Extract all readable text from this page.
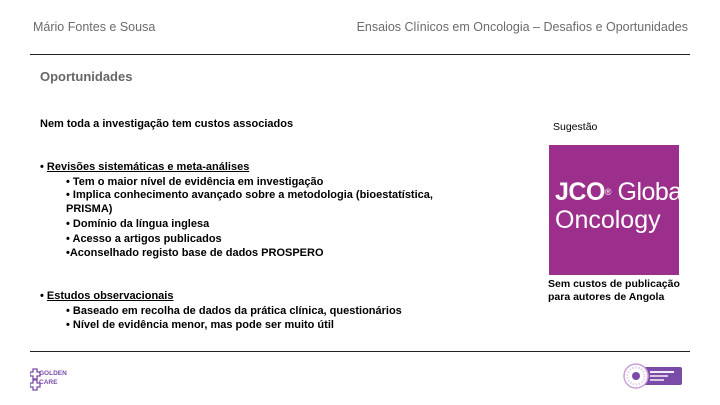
Mário Fontes e Sousa	Ensaios Clínicos em Oncologia – Desafios e Oportunidades
Oportunidades
Nem toda a investigação tem custos associados
• Revisões sistemáticas e meta-análises
• Tem o maior nível de evidência em investigação
• Implica conhecimento avançado sobre a metodologia (bioestatística,
PRISMA)
• Domínio da língua inglesa
• Acesso a artigos publicados
•Aconselhado registo base de dados PROSPERO
• Estudos observacionais
• Baseado em recolha de dados da prática clínica, questionários
• Nível de evidência menor, mas pode ser muito útil
Sugestão
JCO® Global
Oncology
Sem custos de publicação
para autores de Angola
GOLDEN
CARE
